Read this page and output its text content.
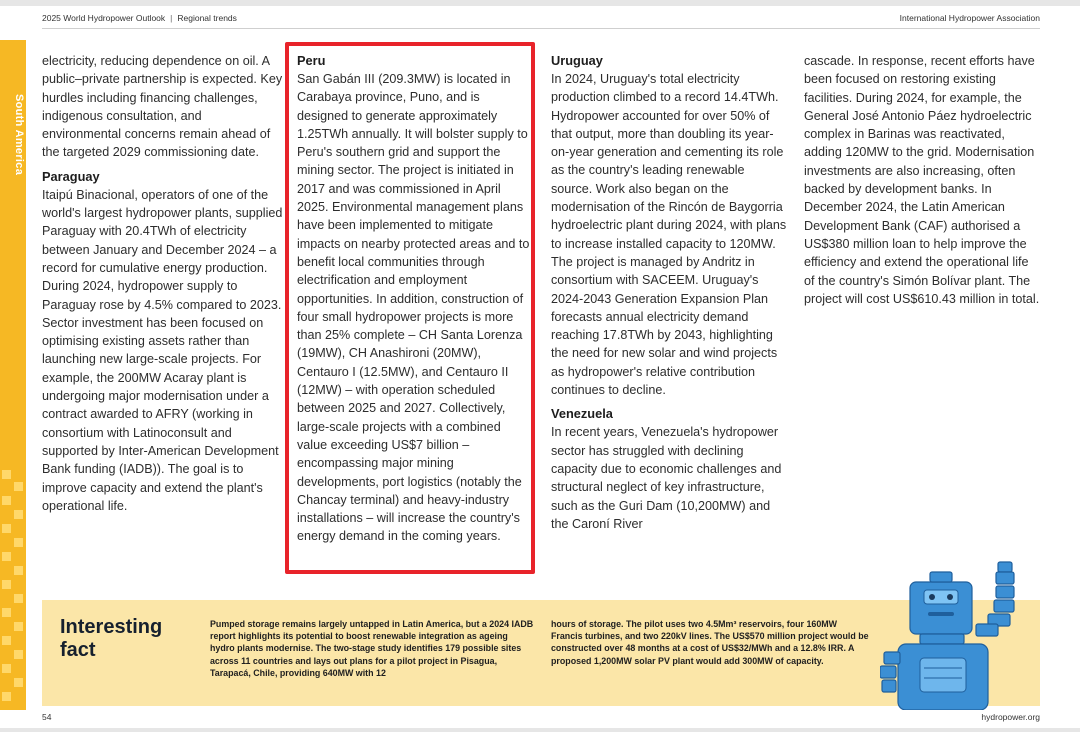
2025 World Hydropower Outlook | Regional trends	International Hydropower Association
South America

electricity, reducing dependence on oil. A public–private partnership is expected. Key hurdles including financing challenges, indigenous consultation, and environmental concerns remain ahead of the targeted 2029 commissioning date.

Paraguay

Itaipú Binacional, operators of one of the world's largest hydropower plants, supplied Paraguay with 20.4TWh of electricity between January and December 2024 – a record for cumulative energy production. During 2024, hydropower supply to Paraguay rose by 4.5% compared to 2023. Sector investment has been focused on optimising existing assets rather than launching new large-scale projects. For example, the 200MW Acaray plant is undergoing major modernisation under a contract awarded to AFRY (working in consortium with Latinoconsult and supported by Inter-American Development Bank funding (IADB)). The goal is to improve capacity and extend the plant's operational life.

Peru

San Gabán III (209.3MW) is located in Carabaya province, Puno, and is designed to generate approximately 1.25TWh annually. It will bolster supply to Peru's southern grid and support the mining sector. The project is initiated in 2017 and was commissioned in April 2025. Environmental management plans have been implemented to mitigate impacts on nearby protected areas and to benefit local communities through electrification and employment opportunities. In addition, construction of four small hydropower projects is more than 25% complete – CH Santa Lorenza (19MW), CH Anashironi (20MW), Centauro I (12.5MW), and Centauro II (12MW) – with operation scheduled between 2025 and 2027. Collectively, large-scale projects with a combined value exceeding US$7 billion – encompassing major mining developments, port logistics (notably the Chancay terminal) and heavy-industry installations – will increase the country's energy demand in the coming years.

Uruguay

In 2024, Uruguay's total electricity production climbed to a record 14.4TWh. Hydropower accounted for over 50% of that output, more than doubling its year-on-year generation and cementing its role as the country's leading renewable source. Work also began on the modernisation of the Rincón de Baygorria hydroelectric plant during 2024, with plans to increase installed capacity to 120MW. The project is managed by Andritz in consortium with SACEEM. Uruguay's 2024-2043 Generation Expansion Plan forecasts annual electricity demand reaching 17.8TWh by 2043, highlighting the need for new solar and wind projects as hydropower's relative contribution continues to decline.

Venezuela

In recent years, Venezuela's hydropower sector has struggled with declining capacity due to economic challenges and structural neglect of key infrastructure, such as the Guri Dam (10,200MW) and the Caroní River

cascade. In response, recent efforts have been focused on restoring existing facilities. During 2024, for example, the General José Antonio Páez hydroelectric complex in Barinas was reactivated, adding 120MW to the grid. Modernisation investments are also increasing, often backed by development banks. In December 2024, the Latin American Development Bank (CAF) authorised a US$380 million loan to help improve the efficiency and extend the operational life of the country's Simón Bolívar plant. The project will cost US$610.43 million in total.

Interesting fact
Pumped storage remains largely untapped in Latin America, but a 2024 IADB report highlights its potential to boost renewable integration as ageing hydro plants modernise. The two-stage study identifies 179 possible sites across 11 countries and lays out plans for a pilot project in Pisagua, Tarapacá, Chile, providing 640MW with 12
hours of storage. The pilot uses two 4.5Mm³ reservoirs, four 160MW Francis turbines, and two 220kV lines. The US$570 million project would be constructed over 48 months at a cost of US$32/MWh and a 12.8% IRR. A proposed 1,200MW solar PV plant would add 300MW of capacity.
54	hydropower.org
